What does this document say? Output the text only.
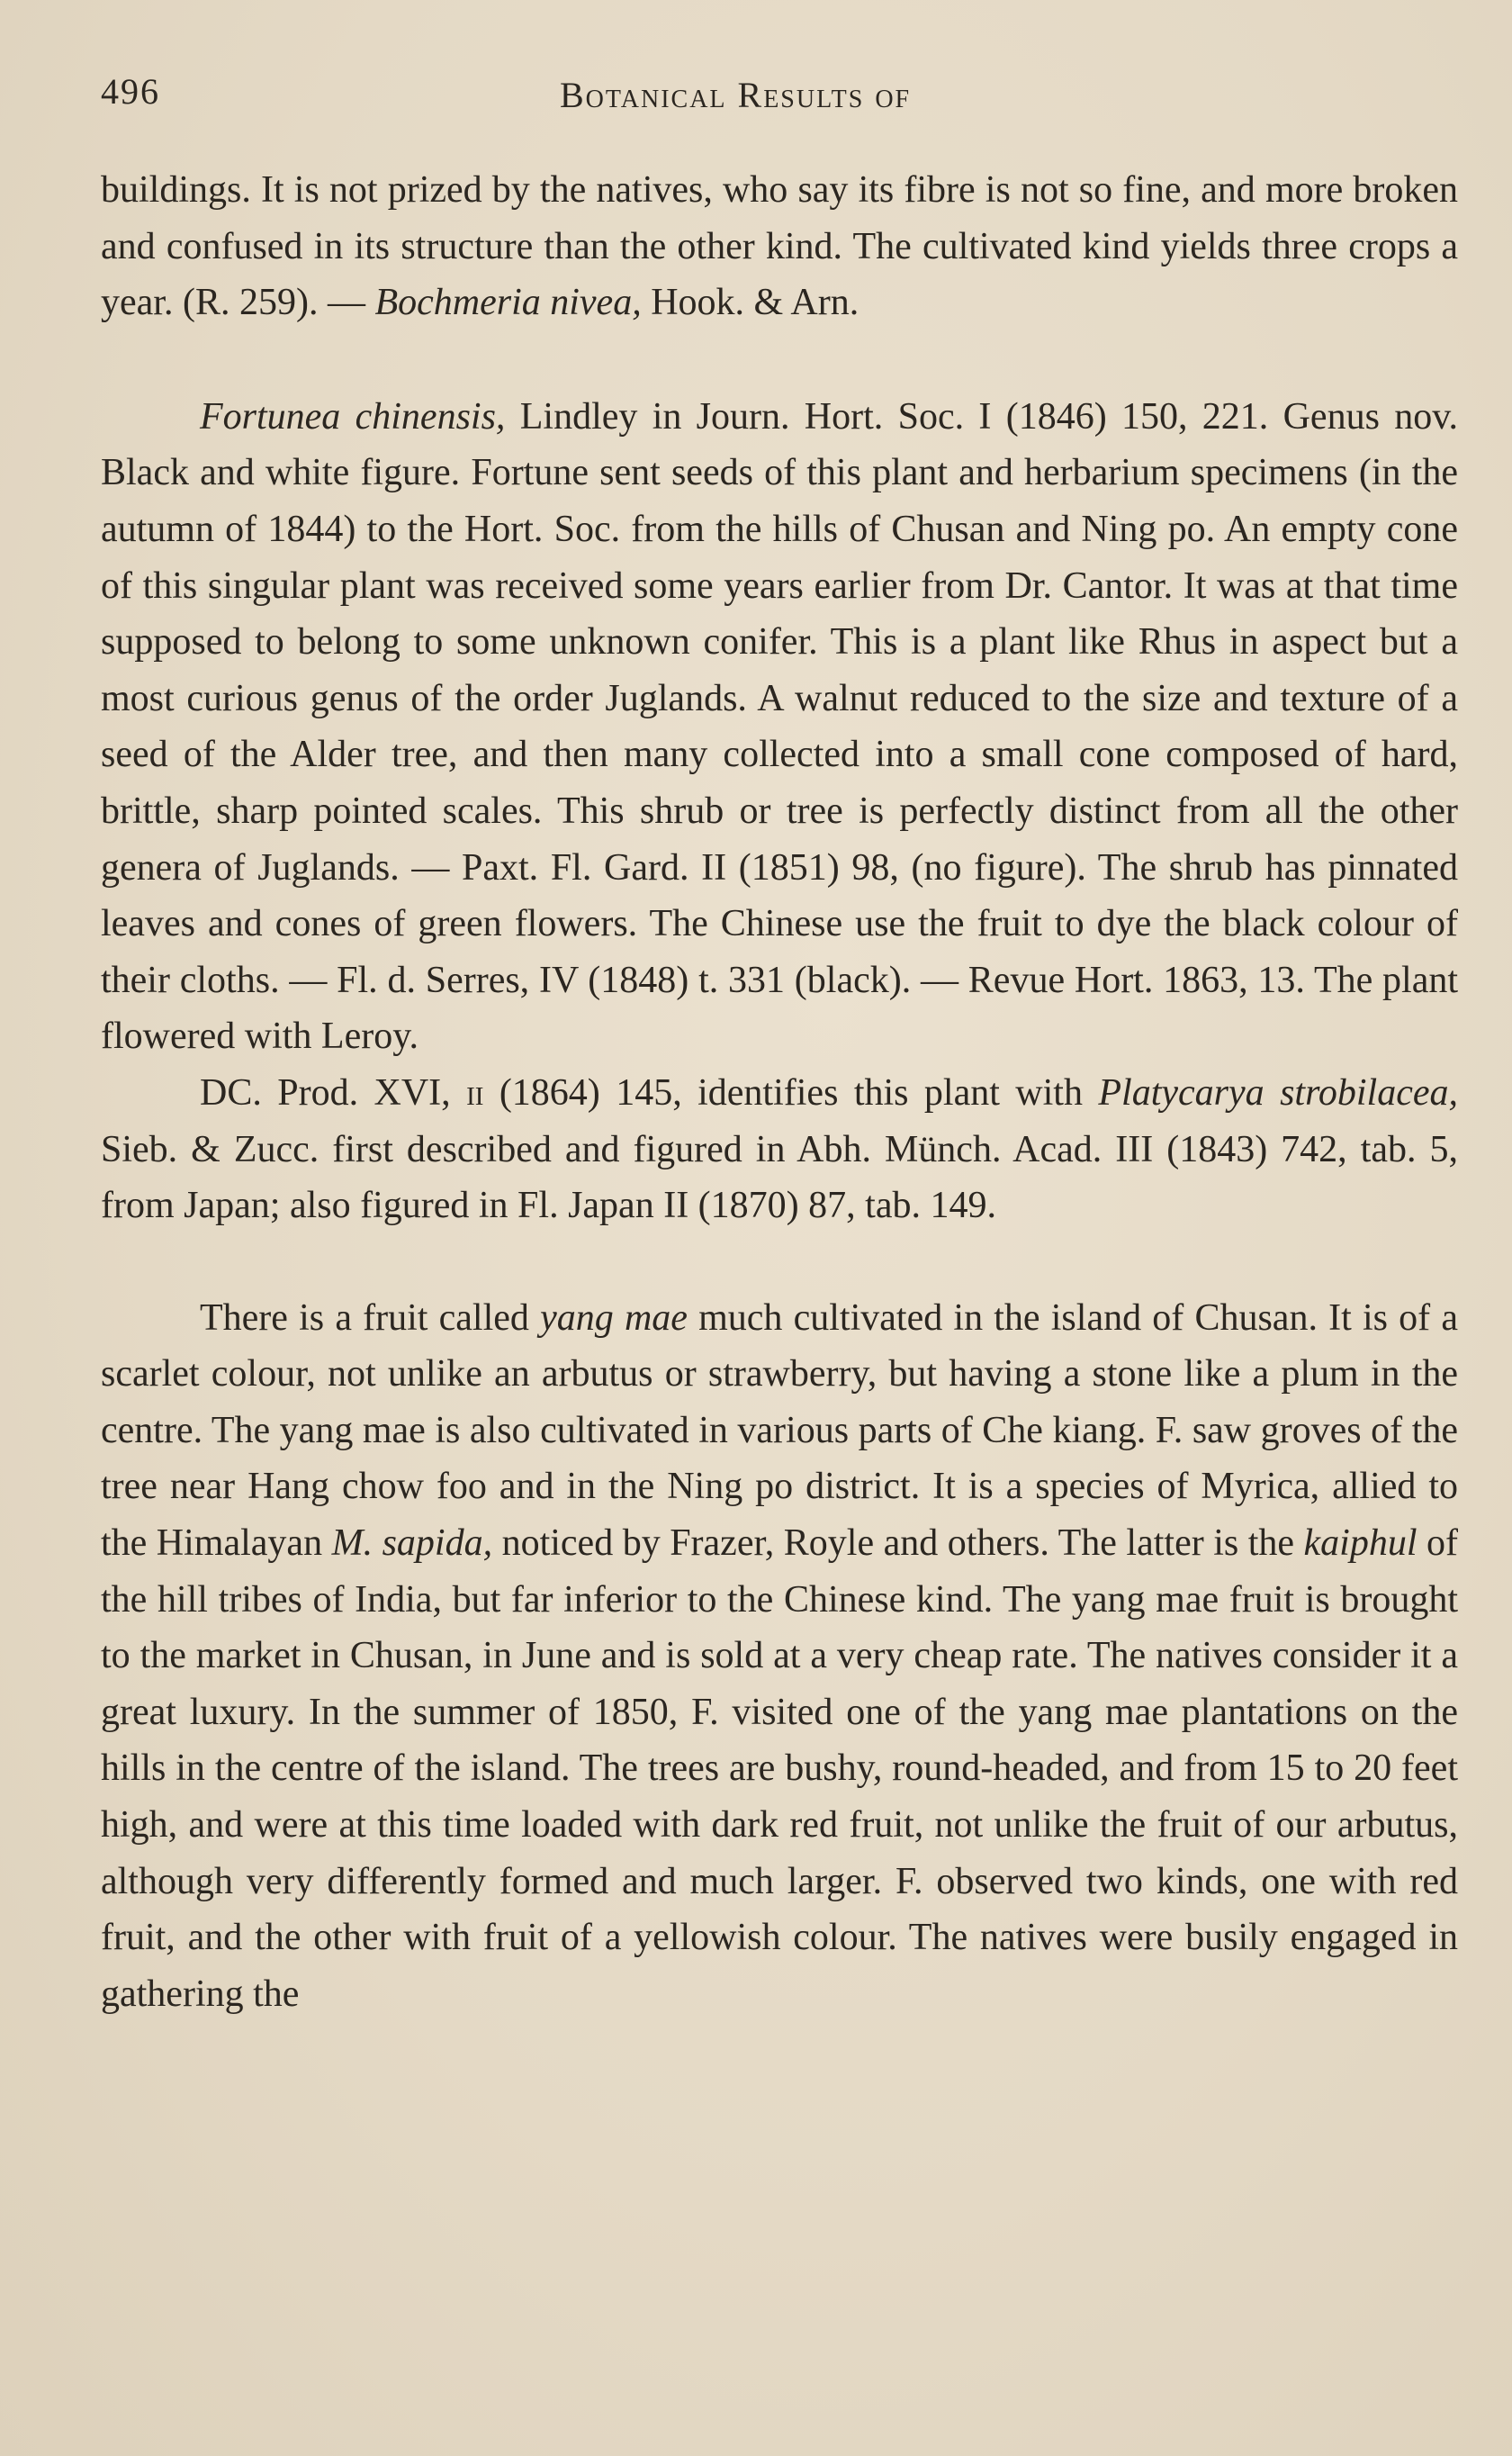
496	Botanical Results of

buildings. It is not prized by the natives, who say its fibre is not so fine, and more broken and confused in its structure than the other kind. The cultivated kind yields three crops a year. (R. 259). — Bochmeria nivea, Hook. & Arn.

Fortunea chinensis, Lindley in Journ. Hort. Soc. I (1846) 150, 221. Genus nov. Black and white figure. Fortune sent seeds of this plant and herbarium specimens (in the autumn of 1844) to the Hort. Soc. from the hills of Chusan and Ning po. An empty cone of this singular plant was received some years earlier from Dr. Cantor. It was at that time supposed to belong to some unknown conifer. This is a plant like Rhus in aspect but a most curious genus of the order Juglands. A walnut reduced to the size and texture of a seed of the Alder tree, and then many collected into a small cone composed of hard, brittle, sharp pointed scales. This shrub or tree is perfectly distinct from all the other genera of Juglands. — Paxt. Fl. Gard. II (1851) 98, (no figure). The shrub has pinnated leaves and cones of green flowers. The Chinese use the fruit to dye the black colour of their cloths. — Fl. d. Serres, IV (1848) t. 331 (black). — Revue Hort. 1863, 13. The plant flowered with Leroy.

DC. Prod. XVI, ii (1864) 145, identifies this plant with Platycarya strobilacea, Sieb. & Zucc. first described and figured in Abh. Münch. Acad. III (1843) 742, tab. 5, from Japan; also figured in Fl. Japan II (1870) 87, tab. 149.

There is a fruit called yang mae much cultivated in the island of Chusan. It is of a scarlet colour, not unlike an arbutus or strawberry, but having a stone like a plum in the centre. The yang mae is also cultivated in various parts of Che kiang. F. saw groves of the tree near Hang chow foo and in the Ning po district. It is a species of Myrica, allied to the Himalayan M. sapida, noticed by Frazer, Royle and others. The latter is the kaiphul of the hill tribes of India, but far inferior to the Chinese kind. The yang mae fruit is brought to the market in Chusan, in June and is sold at a very cheap rate. The natives consider it a great luxury. In the summer of 1850, F. visited one of the yang mae plantations on the hills in the centre of the island. The trees are bushy, round-headed, and from 15 to 20 feet high, and were at this time loaded with dark red fruit, not unlike the fruit of our arbutus, although very differently formed and much larger. F. observed two kinds, one with red fruit, and the other with fruit of a yellowish colour. The natives were busily engaged in gathering the
